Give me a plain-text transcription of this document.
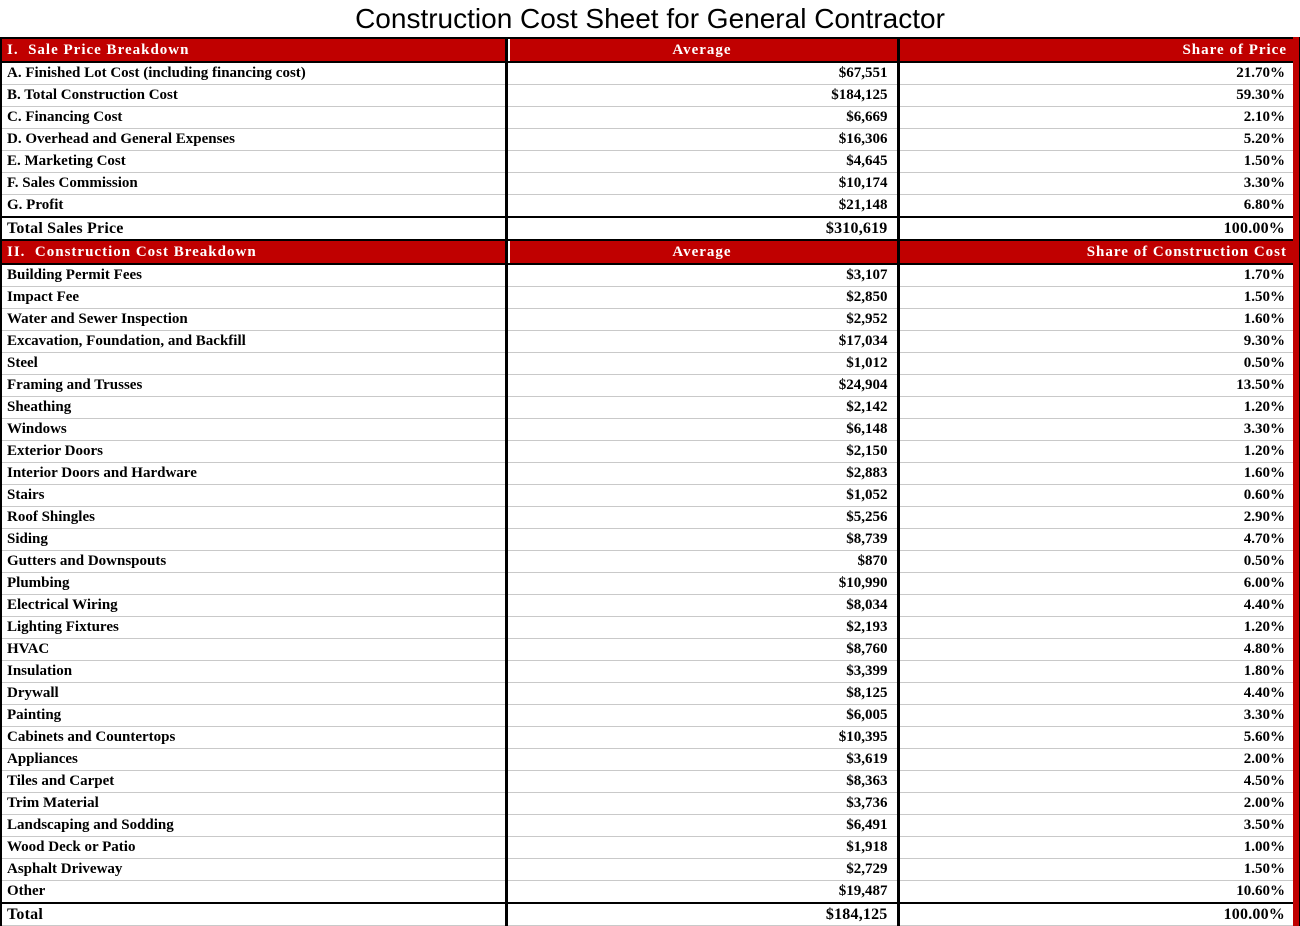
Construction Cost Sheet for General Contractor
I.  Sale Price Breakdown	Average	Share of Price
A. Finished Lot Cost (including financing cost)	$67,551	21.70%
B. Total Construction Cost	$184,125	59.30%
C. Financing Cost	$6,669	2.10%
D. Overhead and General Expenses	$16,306	5.20%
E. Marketing Cost	$4,645	1.50%
F. Sales Commission	$10,174	3.30%
G. Profit	$21,148	6.80%
Total Sales Price	$310,619	100.00%
II.  Construction Cost Breakdown	Average	Share of Construction Cost
Building Permit Fees	$3,107	1.70%
Impact Fee	$2,850	1.50%
Water and Sewer Inspection	$2,952	1.60%
Excavation, Foundation, and Backfill	$17,034	9.30%
Steel	$1,012	0.50%
Framing and Trusses	$24,904	13.50%
Sheathing	$2,142	1.20%
Windows	$6,148	3.30%
Exterior Doors	$2,150	1.20%
Interior Doors and Hardware	$2,883	1.60%
Stairs	$1,052	0.60%
Roof Shingles	$5,256	2.90%
Siding	$8,739	4.70%
Gutters and Downspouts	$870	0.50%
Plumbing	$10,990	6.00%
Electrical Wiring	$8,034	4.40%
Lighting Fixtures	$2,193	1.20%
HVAC	$8,760	4.80%
Insulation	$3,399	1.80%
Drywall	$8,125	4.40%
Painting	$6,005	3.30%
Cabinets and Countertops	$10,395	5.60%
Appliances	$3,619	2.00%
Tiles and Carpet	$8,363	4.50%
Trim Material	$3,736	2.00%
Landscaping and Sodding	$6,491	3.50%
Wood Deck or Patio	$1,918	1.00%
Asphalt Driveway	$2,729	1.50%
Other	$19,487	10.60%
Total	$184,125	100.00%
